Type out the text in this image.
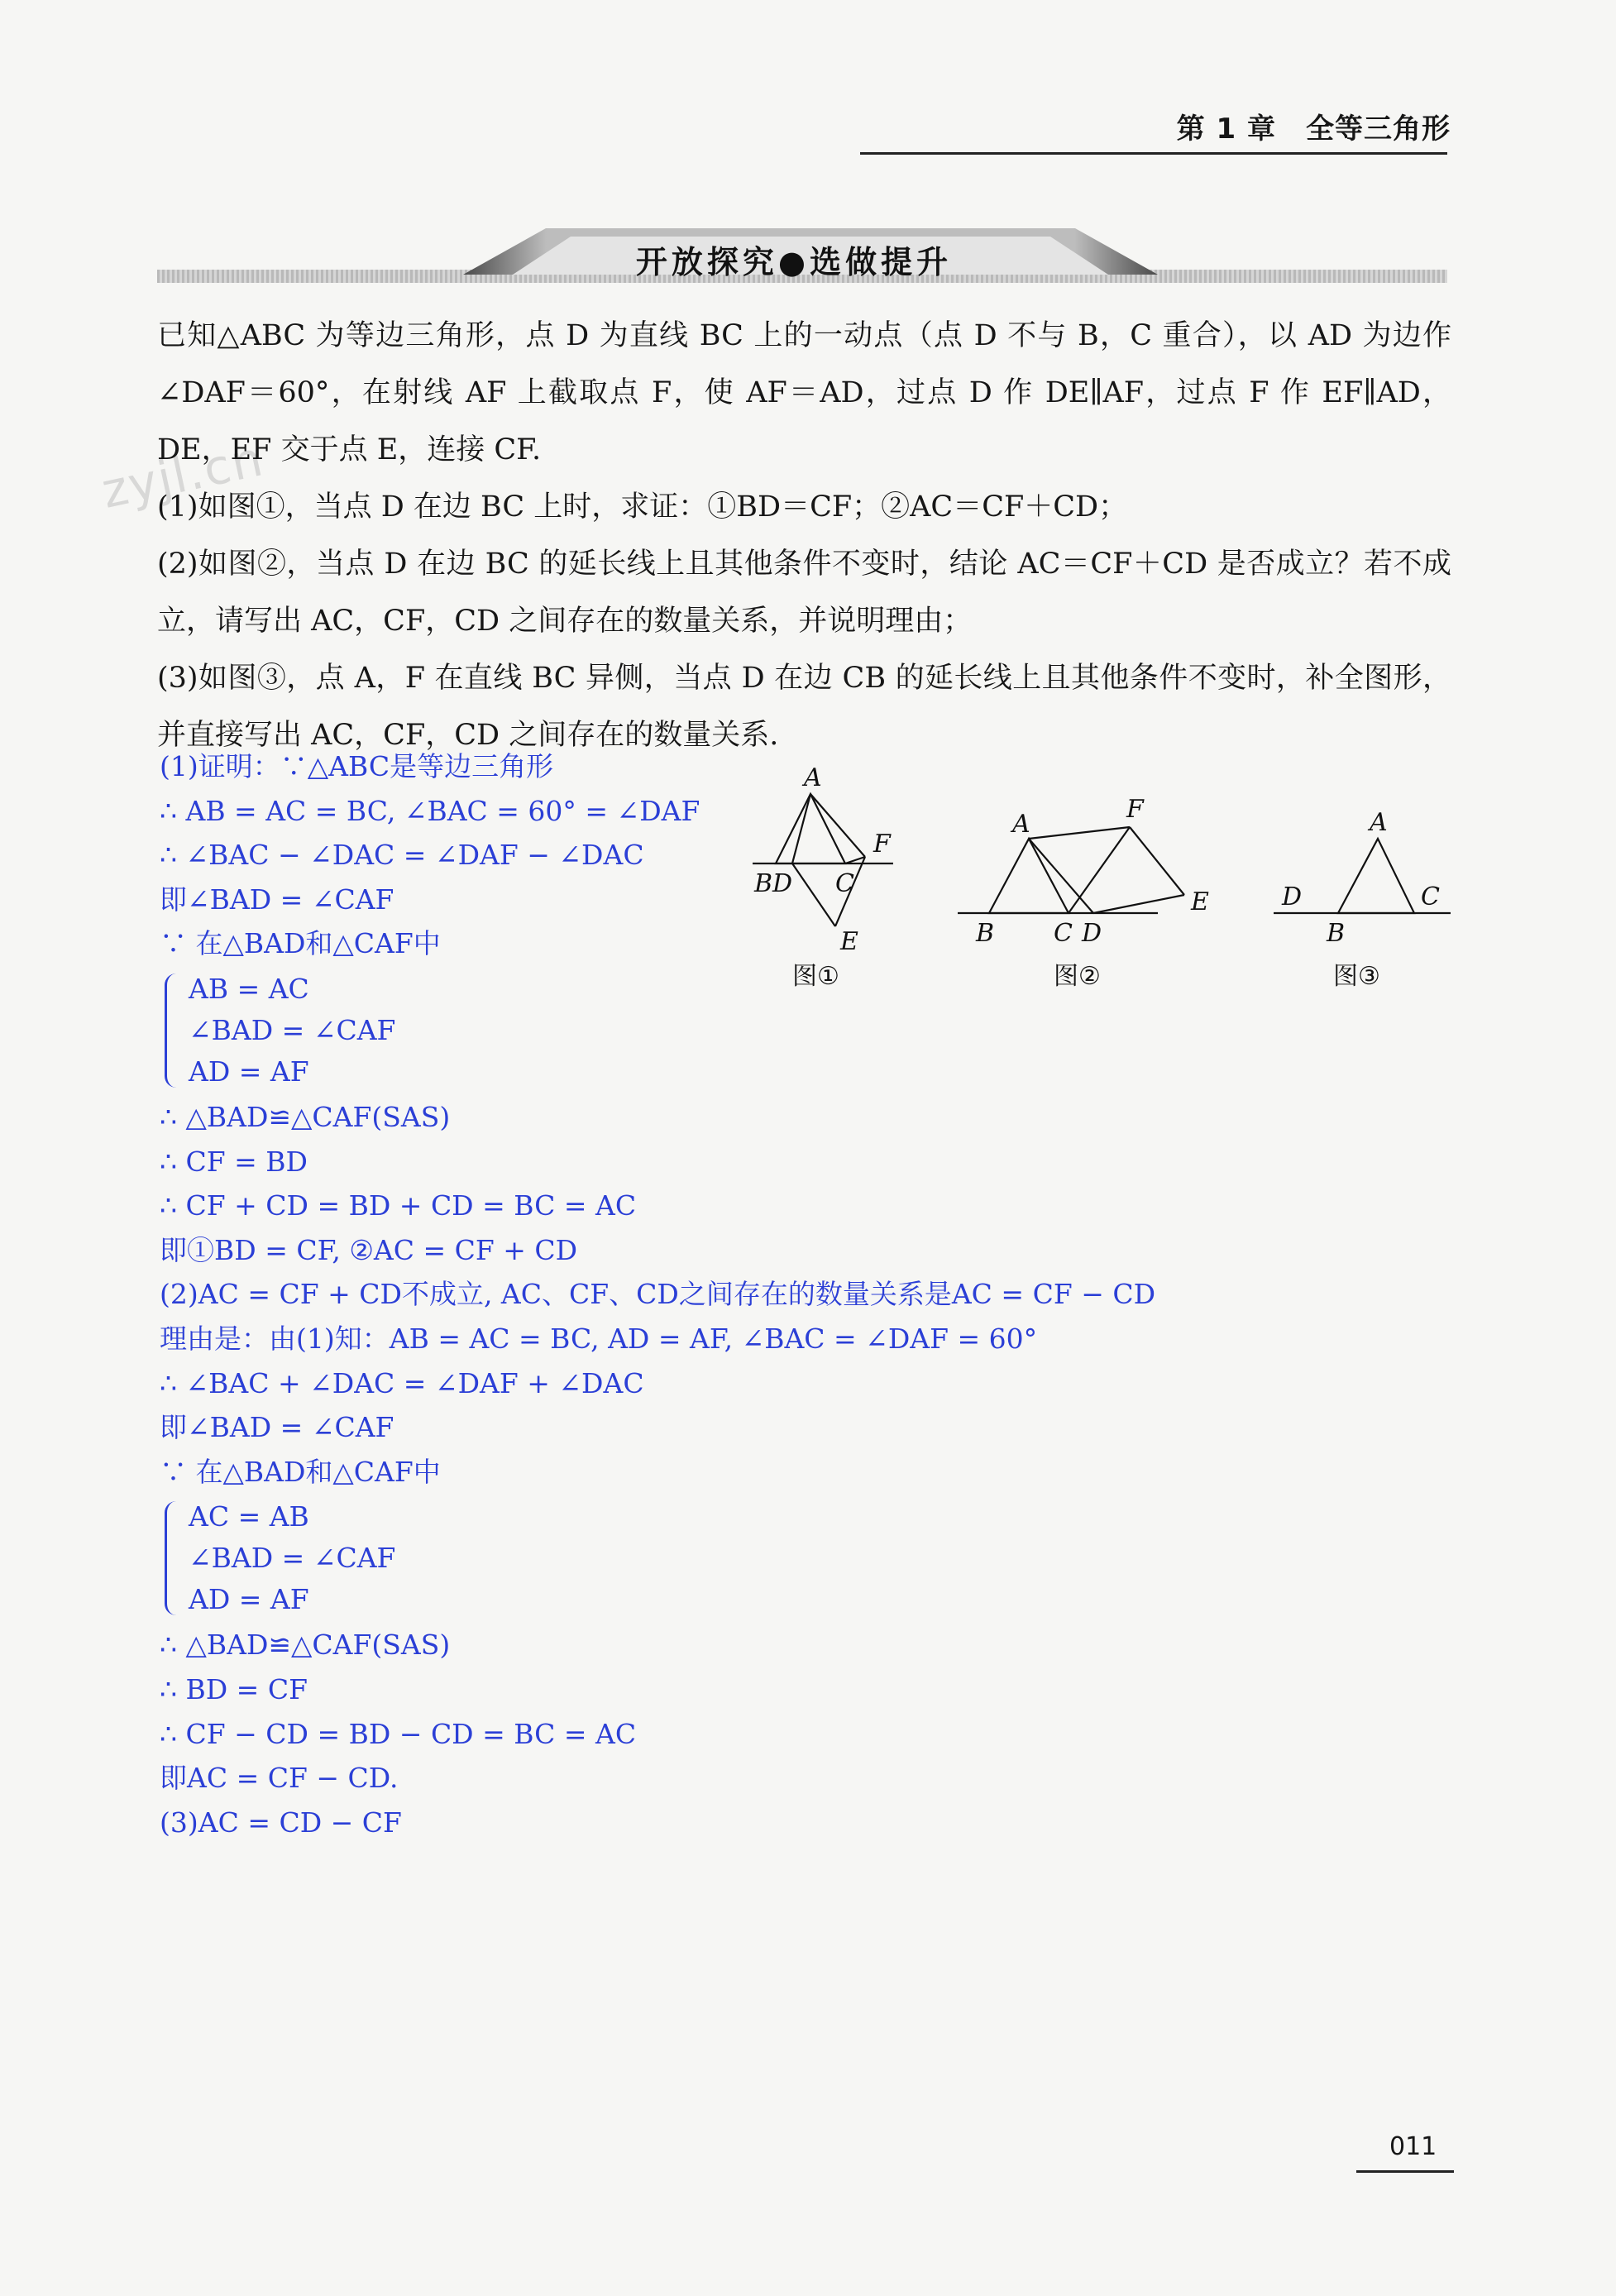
第 1 章 全等三角形
开放探究●选做提升
zyjl.cn

已知△ABC 为等边三角形，点 D 为直线 BC 上的一动点（点 D 不与 B，C 重合），以 AD 为边作∠DAF＝60°，在射线 AF 上截取点 F，使 AF＝AD，过点 D 作 DE∥AF，过点 F 作 EF∥AD，DE，EF 交于点 E，连接 CF.

(1)如图①，当点 D 在边 BC 上时，求证：①BD＝CF；②AC＝CF＋CD；

(2)如图②，当点 D 在边 BC 的延长线上且其他条件不变时，结论 AC＝CF＋CD 是否成立？若不成立，请写出 AC，CF，CD 之间存在的数量关系，并说明理由；

(3)如图③，点 A，F 在直线 BC 异侧，当点 D 在边 CB 的延长线上且其他条件不变时，补全图形，并直接写出 AC，CF，CD 之间存在的数量关系.

A
F
B D C
E
图①
A
F
E
B C D
图②
A
D	C
B
图③
(1)证明：∵△ABC是等边三角形
∴ AB = AC = BC, ∠BAC = 60° = ∠DAF
∴ ∠BAC − ∠DAC = ∠DAF − ∠DAC
即∠BAD = ∠CAF
∵ 在△BAD和△CAF中
AB = AC
∠BAD = ∠CAF
AD = AF
∴ △BAD≌△CAF(SAS)
∴ CF = BD
∴ CF + CD = BD + CD = BC = AC
即①BD = CF, ②AC = CF + CD
(2)AC = CF + CD不成立, AC、CF、CD之间存在的数量关系是AC = CF − CD
理由是：由(1)知：AB = AC = BC, AD = AF, ∠BAC = ∠DAF = 60°
∴ ∠BAC + ∠DAC = ∠DAF + ∠DAC
即∠BAD = ∠CAF
∵ 在△BAD和△CAF中
AC = AB
∠BAD = ∠CAF
AD = AF
∴ △BAD≌△CAF(SAS)
∴ BD = CF
∴ CF − CD = BD − CD = BC = AC
即AC = CF − CD.
(3)AC = CD − CF
011
